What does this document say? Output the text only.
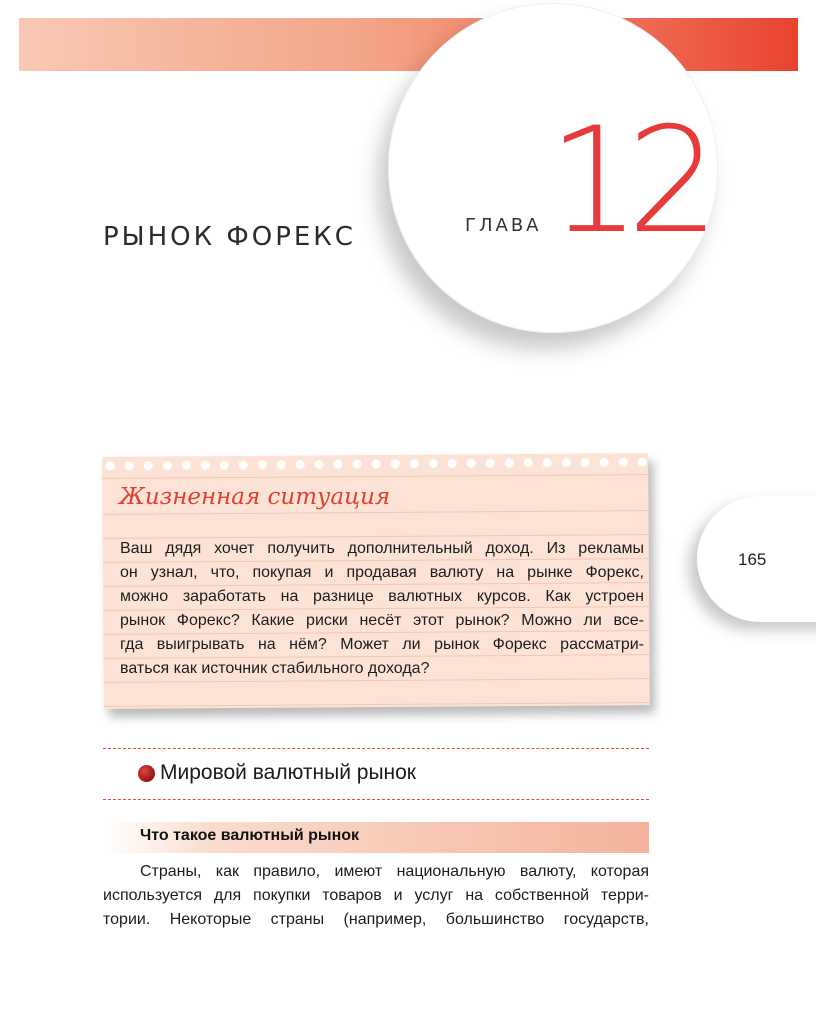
РЫНОК ФОРЕКС	ГЛАВА 12
165
Жизненная ситуация
Ваш дядя хочет получить дополнительный доход. Из рекламы
он узнал, что, покупая и продавая валюту на рынке Форекс,
можно заработать на разнице валютных курсов. Как устроен
рынок Форекс? Какие риски несёт этот рынок? Можно ли все-
гда выигрывать на нём? Может ли рынок Форекс рассматри-
ваться как источник стабильного дохода?
Мировой валютный рынок
Что такое валютный рынок
Страны, как правило, имеют национальную валюту, которая
используется для покупки товаров и услуг на собственной терри-
тории. Некоторые страны (например, большинство государств,
